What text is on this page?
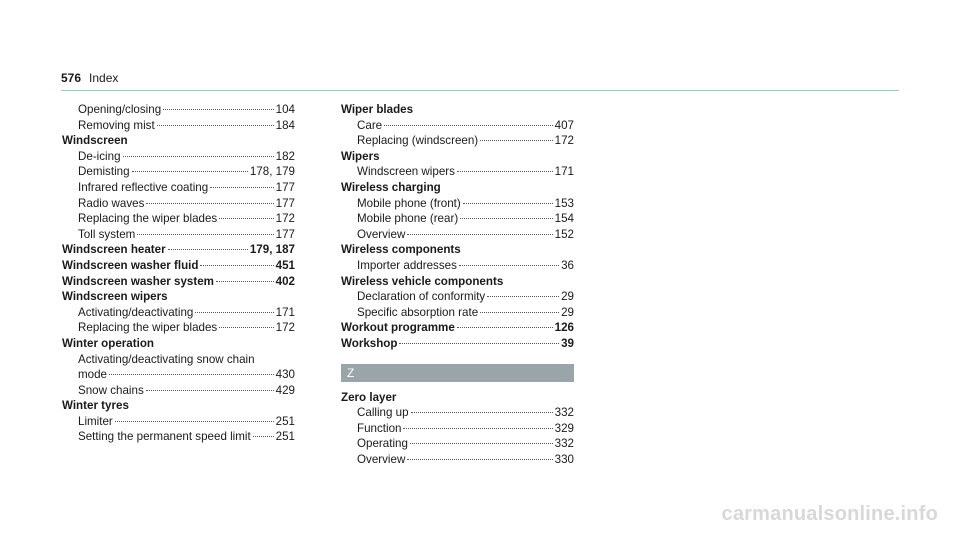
576 Index
Opening/closing	104
Removing mist	184
Windscreen
De-icing	182
Demisting	178, 179
Infrared reflective coating	177
Radio waves	177
Replacing the wiper blades	172
Toll system	177
Windscreen heater	179, 187
Windscreen washer fluid	451
Windscreen washer system	402
Windscreen wipers
Activating/deactivating	171
Replacing the wiper blades	172
Winter operation
Activating/deactivating snow chain
mode	430
Snow chains	429
Winter tyres
Limiter	251
Setting the permanent speed limit 251
Wiper blades
Care	407
Replacing (windscreen)	172
Wipers
Windscreen wipers	171
Wireless charging
Mobile phone (front)	153
Mobile phone (rear)	154
Overview	152
Wireless components
Importer addresses	36
Wireless vehicle components
Declaration of conformity	29
Specific absorption rate	29
Workout programme	126
Workshop	39
Z
Zero layer
Calling up	332
Function	329
Operating	332
Overview	330
carmanualsonline.info
